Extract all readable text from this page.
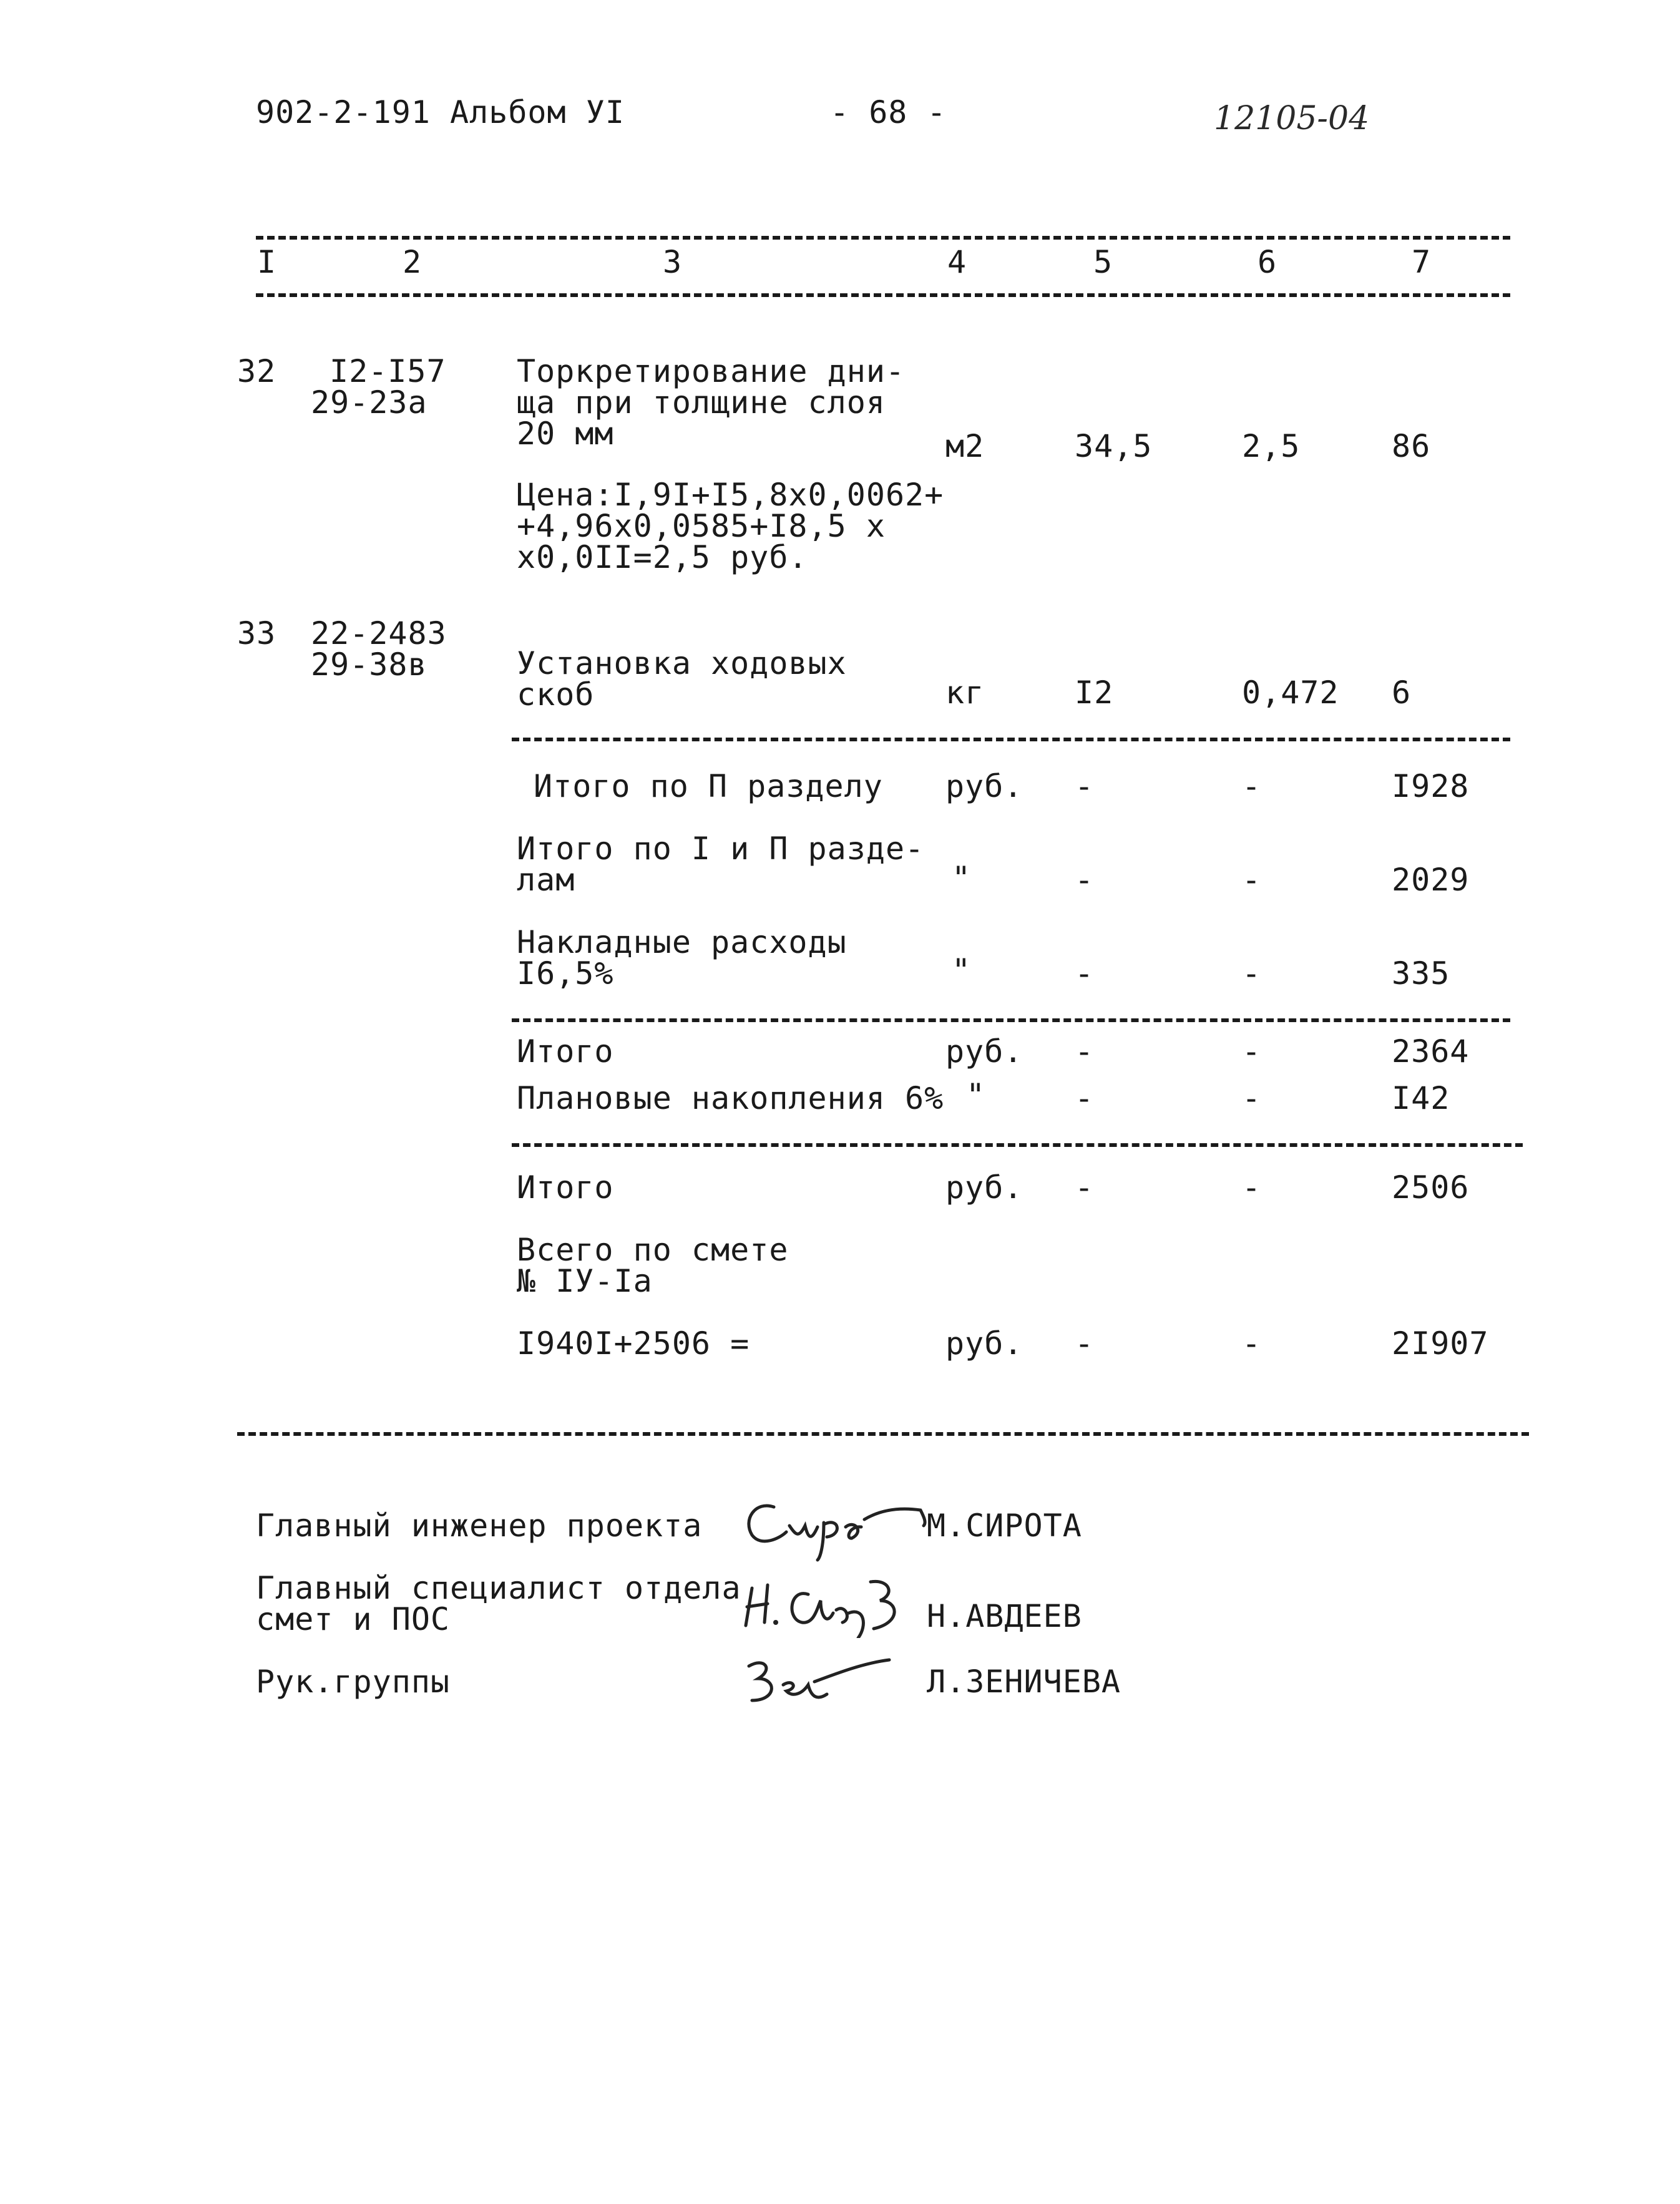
902-2-191 Альбом УI	- 68 -	12105-04
I	2	3	4	5	6	7
32 I2-I57
29-23а
Торкретирование дни-
ща при толщине слоя
20 мм	м2	34,5	2,5	86
Цена:I,9I+I5,8х0,0062+
+4,96х0,0585+I8,5 х
х0,0II=2,5 руб.
33 22-2483
29-38в	Установка ходовых
скоб	кг	I2	0,472 6
Итого по П разделу руб. -	-	I928
Итого по I и П разде-
лам	"	-	-	2029
Накладные расходы
I6,5%	"	-	-	335
Итого	руб. -	-	2364
Плановые накопления 6% "	-	-	I42
Итого	руб. -	-	2506
Всего по смете
№ IУ-Iа
I940I+2506 =	руб. -	-	2I907
Главный инженер проекта	М.СИРОТА
Главный специалист отдела
смет и ПОС	Н.АВДЕЕВ
Рук.группы	Л.ЗЕНИЧЕВА
